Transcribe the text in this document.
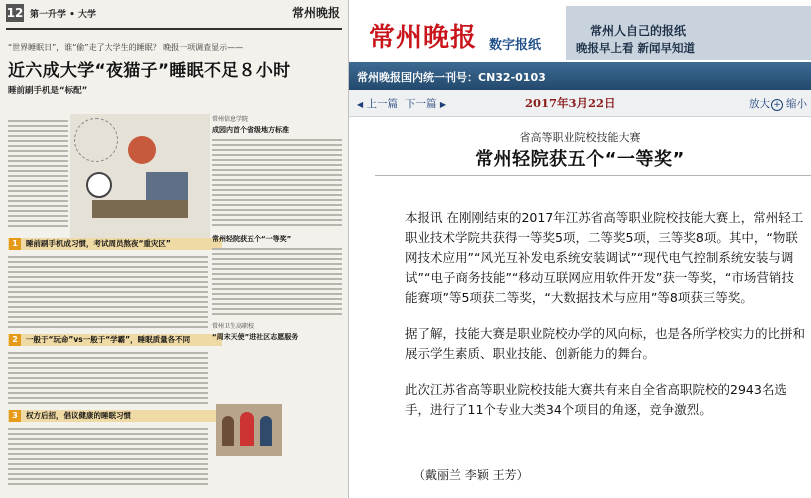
12 第一升学 • 大学	常州晚报
“世界睡眠日”，谁“偷”走了大学生的睡眠？ 晚报一项调查显示——
近六成大学“夜猫子”睡眠不足８小时
睡前刷手机是“标配”
1	睡前刷手机成习惯，考试周员熬夜“重灾区”
2	一般于“玩命”vs一般于“学霸”，睡眠质量各不同
3	权方后招，倡议健康的睡眠习惯
常州信息学院
成园内首个省级地方标准
常州轻院获五个“一等奖”
常州卫生高职校
“周末天使”进社区志愿服务
常州晚报 数字报纸
常州人自己的报纸
晚报早上看 新闻早知道
常州晚报国内统一刊号：CN32-0103
◀ 上一篇 下一篇 ▶	2017年3月22日	放大 + 缩小
省高等职业院校技能大赛
常州轻院获五个“一等奖”

本报讯 在刚刚结束的2017年江苏省高等职业院校技能大赛上，常州轻工职业技术学院共获得一等奖5项，二等奖5项，三等奖8项。其中，“物联网技术应用”“风光互补发电系统安装调试”“现代电气控制系统安装与调试”“电子商务技能”“移动互联网应用软件开发”获一等奖，“市场营销技能赛项”等5项获二等奖，“大数据技术与应用”等8项获三等奖。

据了解，技能大赛是职业院校办学的风向标，也是各所学校实力的比拼和展示学生素质、职业技能、创新能力的舞台。

此次江苏省高等职业院校技能大赛共有来自全省高职院校的2943名选手，进行了11个专业大类34个项目的角逐，竞争激烈。

（戴丽兰 李颖 王芳）
